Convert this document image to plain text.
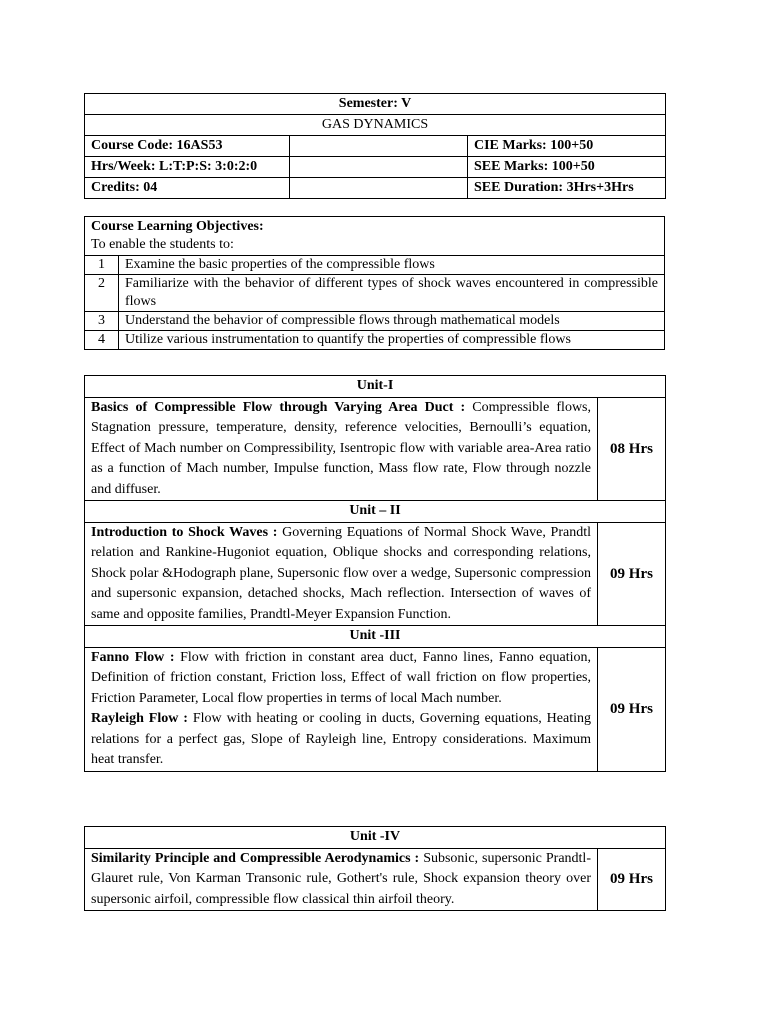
Semester: V		
GAS DYNAMICS		
Course Code: 16AS53		CIE Marks: 100+50
Hrs/Week: L:T:P:S: 3:0:2:0		SEE Marks: 100+50
Credits: 04		SEE Duration: 3Hrs+3Hrs
Course Learning Objectives:
To enable the students to:	

1	Examine the basic properties of the compressible flows
2	Familiarize with the behavior of different types of shock waves encountered in compressible flows
3	Understand the behavior of compressible flows through mathematical models
4	Utilize various instrumentation to quantify the properties of compressible flows
Unit-I	
Basics of Compressible Flow through Varying Area Duct : Compressible flows, Stagnation pressure, temperature, density, reference velocities, Bernoulli’s equation, Effect of Mach number on Compressibility, Isentropic flow with variable area-Area ratio as a function of Mach number, Impulse function, Mass flow rate, Flow through nozzle and diffuser.	08 Hrs
Unit – II	
Introduction to Shock Waves : Governing Equations of Normal Shock Wave, Prandtl relation and Rankine-Hugoniot equation, Oblique shocks and corresponding relations, Shock polar &Hodograph plane, Supersonic flow over a wedge, Supersonic compression and supersonic expansion, detached shocks, Mach reflection. Intersection of waves of same and opposite families, Prandtl-Meyer Expansion Function.	09 Hrs
Unit -III	

Fanno Flow : Flow with friction in constant area duct, Fanno lines, Fanno equation, Definition of friction constant, Friction loss, Effect of wall friction on flow properties, Friction Parameter, Local flow properties in terms of local Mach number.
Rayleigh Flow : Flow with heating or cooling in ducts, Governing equations, Heating relations for a perfect gas, Slope of Rayleigh line, Entropy considerations. Maximum heat transfer.	09 Hrs
Unit -IV
Similarity Principle and Compressible Aerodynamics : Subsonic, supersonic Prandtl-Glauret rule, Von Karman Transonic rule, Gothert's rule, Shock expansion theory over supersonic airfoil, compressible flow classical thin airfoil theory.	09 Hrs
